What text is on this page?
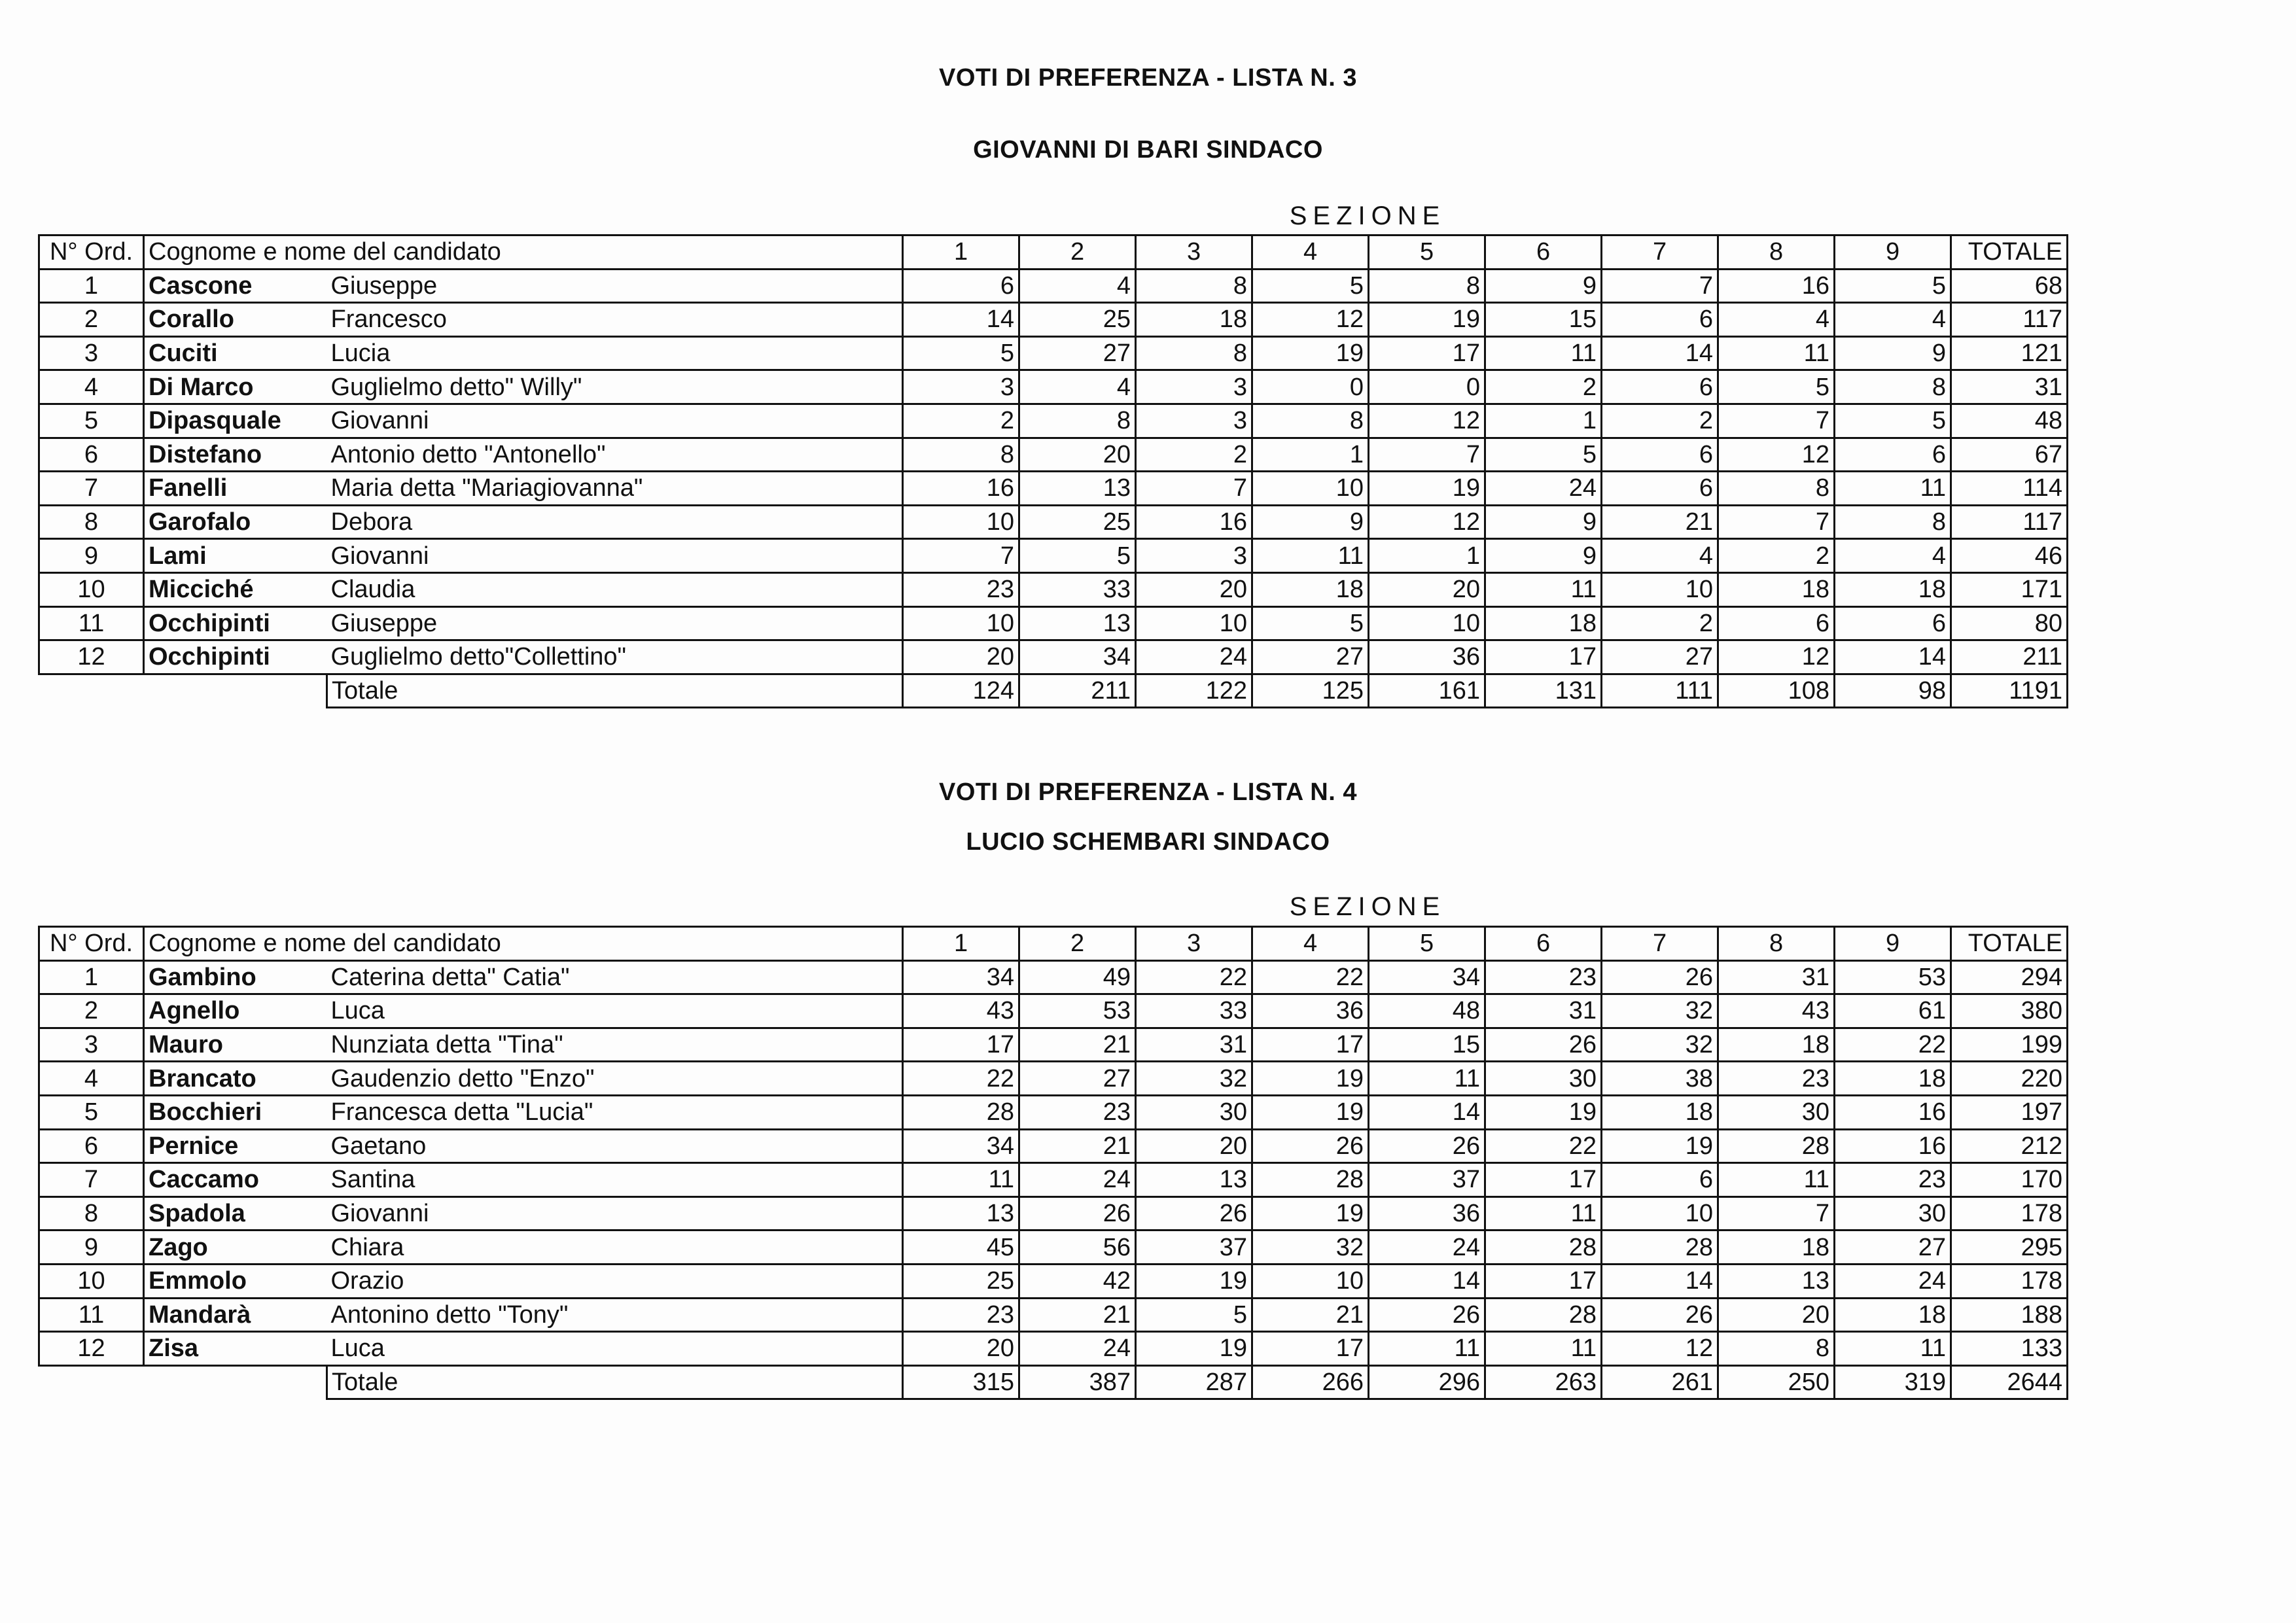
VOTI DI PREFERENZA - LISTA N. 3
GIOVANNI DI BARI SINDACO
SEZIONE
N° Ord.	Cognome e nome del candidato		1	2	3	4	5	6	7	8	9	TOTALE
1	Cascone	Giuseppe	6	4	8	5	8	9	7	16	5	68
2	Corallo	Francesco	14	25	18	12	19	15	6	4	4	117
3	Cuciti	Lucia	5	27	8	19	17	11	14	11	9	121
4	Di Marco	Guglielmo detto" Willy"	3	4	3	0	0	2	6	5	8	31
5	Dipasquale	Giovanni	2	8	3	8	12	1	2	7	5	48
6	Distefano	Antonio detto "Antonello"	8	20	2	1	7	5	6	12	6	67
7	Fanelli	Maria detta "Mariagiovanna"	16	13	7	10	19	24	6	8	11	114
8	Garofalo	Debora	10	25	16	9	12	9	21	7	8	117
9	Lami	Giovanni	7	5	3	11	1	9	4	2	4	46
10	Micciché	Claudia	23	33	20	18	20	11	10	18	18	171
11	Occhipinti	Giuseppe	10	13	10	5	10	18	2	6	6	80
12	Occhipinti	Guglielmo detto"Collettino"	20	34	24	27	36	17	27	12	14	211
		Totale	124	211	122	125	161	131	111	108	98	1191
VOTI DI PREFERENZA - LISTA N. 4
LUCIO SCHEMBARI SINDACO
SEZIONE
N° Ord.	Cognome e nome del candidato		1	2	3	4	5	6	7	8	9	TOTALE
1	Gambino	Caterina detta" Catia"	34	49	22	22	34	23	26	31	53	294
2	Agnello	Luca	43	53	33	36	48	31	32	43	61	380
3	Mauro	Nunziata detta "Tina"	17	21	31	17	15	26	32	18	22	199
4	Brancato	Gaudenzio detto "Enzo"	22	27	32	19	11	30	38	23	18	220
5	Bocchieri	Francesca detta "Lucia"	28	23	30	19	14	19	18	30	16	197
6	Pernice	Gaetano	34	21	20	26	26	22	19	28	16	212
7	Caccamo	Santina	11	24	13	28	37	17	6	11	23	170
8	Spadola	Giovanni	13	26	26	19	36	11	10	7	30	178
9	Zago	Chiara	45	56	37	32	24	28	28	18	27	295
10	Emmolo	Orazio	25	42	19	10	14	17	14	13	24	178
11	Mandarà	Antonino detto "Tony"	23	21	5	21	26	28	26	20	18	188
12	Zisa	Luca	20	24	19	17	11	11	12	8	11	133
		Totale	315	387	287	266	296	263	261	250	319	2644
